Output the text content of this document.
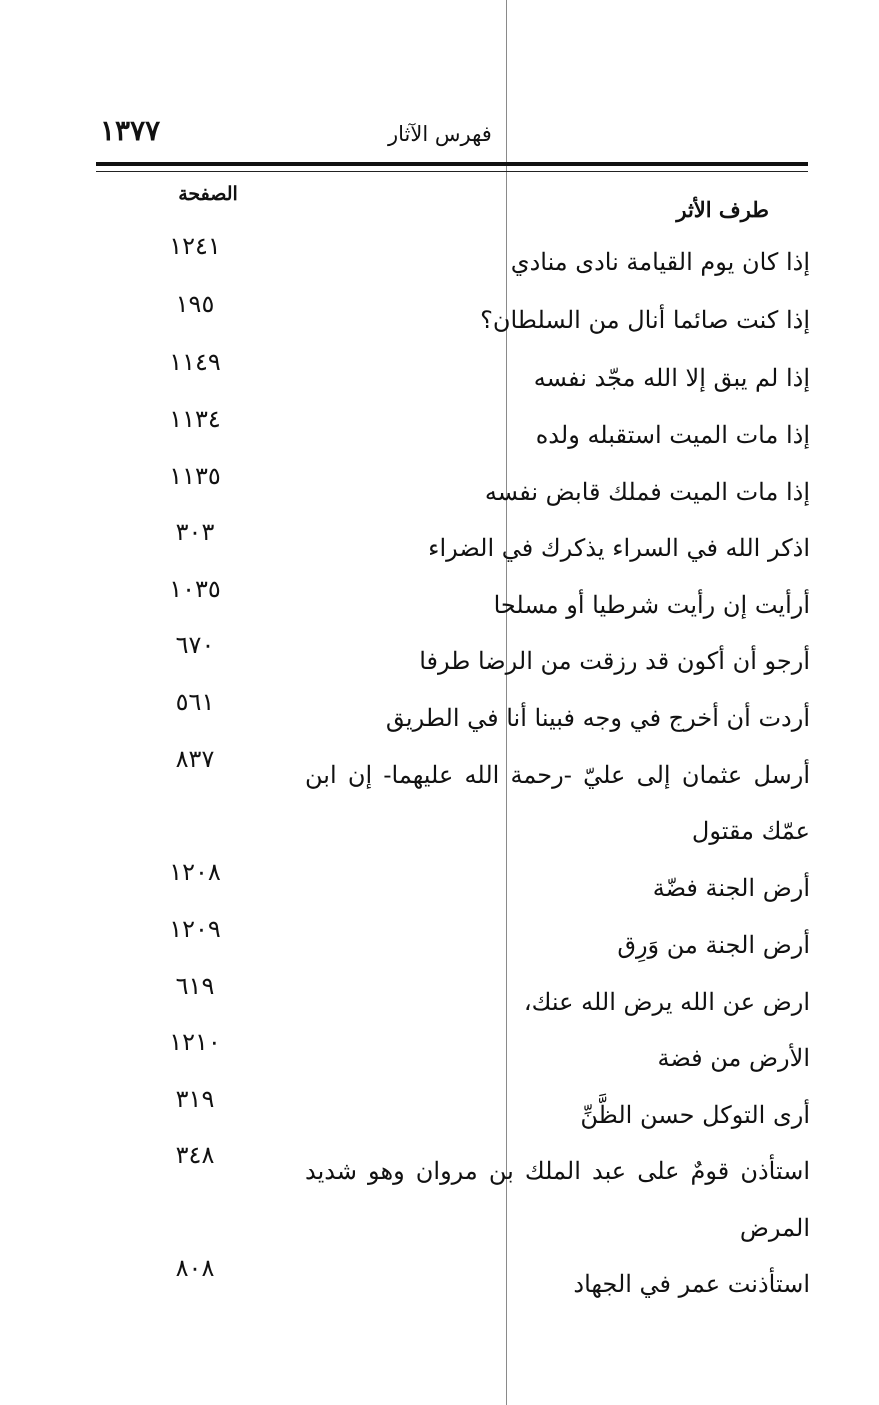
١٣٧٧	فهرس الآثار
الصفحة
طرف الأثر
إذا كان يوم القيامة نادى منادي
١٢٤١
إذا كنت صائما أنال من السلطان؟
١٩٥
إذا لم يبق إلا الله مجّد نفسه
١١٤٩
إذا مات الميت استقبله ولده
١١٣٤
إذا مات الميت فملك قابض نفسه
١١٣٥
اذكر الله في السراء يذكرك في الضراء
٣٠٣
أرأيت إن رأيت شرطيا أو مسلحا
١٠٣٥
أرجو أن أكون قد رزقت من الرضا طرفا
٦٧٠
أردت أن أخرج في وجه فبينا أنا في الطريق
٥٦١
أرسل عثمان إلى عليّ -رحمة الله عليهما- إن ابن
٨٣٧
عمّك مقتول
أرض الجنة فضّة
١٢٠٨
أرض الجنة من وَرِق
١٢٠٩
ارض عن الله يرض الله عنك،
٦١٩
الأرض من فضة
١٢١٠
أرى التوكل حسن الظَّنِّ
٣١٩
استأذن قومٌ على عبد الملك بن مروان وهو شديد
٣٤٨
المرض
استأذنت عمر في الجهاد
٨٠٨
